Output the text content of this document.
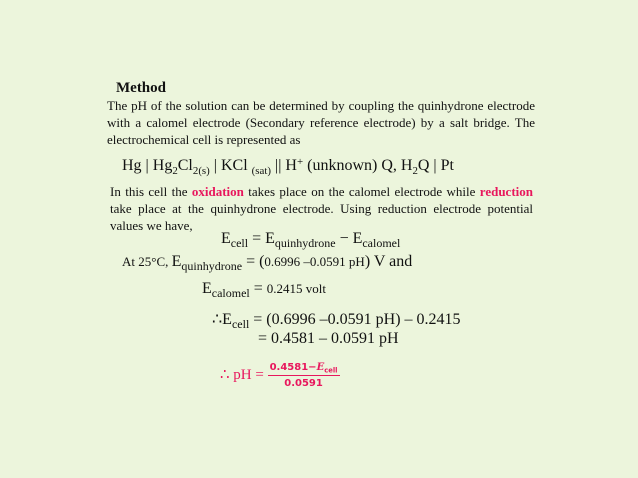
Method
The pH of the solution can be determined by coupling the quinhydrone electrode
with a calomel electrode (Secondary reference electrode) by a salt bridge. The
electrochemical cell is represented as
Hg | $Hg_2Cl_{2(s)}$ | KCl $_{(sat)}$ || H+ (unknown) Q, $H_2Q$ | Pt
In this cell the oxidation takes place on the calomel electrode while reduction
take place at the quinhydrone electrode. Using reduction electrode potential
values we have,
$E_{cell} = E_{quinhydrone} - E_{calomel}$
At 25°C, $E_{quinhydrone} = (0.6996$ –0.0591 pH) V and
$E_{calomel} = 0.2415$ volt
$\therefore E_{cell} = (0.6996$ –0.0591 pH) – 0.2415
= 0.4581 – 0.0591 pH
∴ pH = $\frac{0.4581-E_{cell}}{0.0591}$
